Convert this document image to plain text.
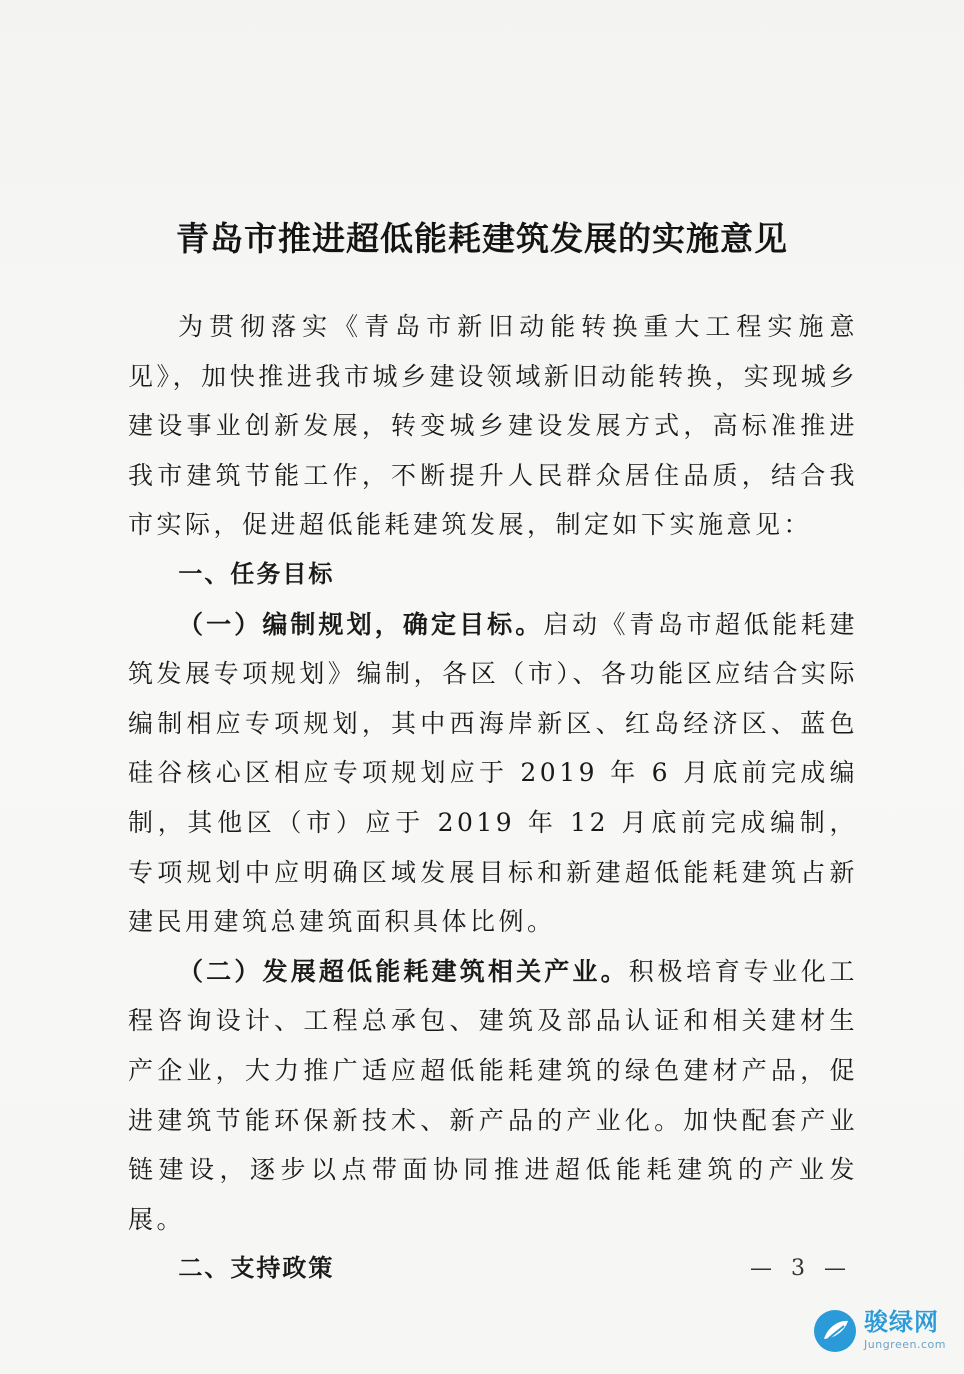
青岛市推进超低能耗建筑发展的实施意见

为贯彻落实《青岛市新旧动能转换重大工程实施意见》，加快推进我市城乡建设领域新旧动能转换，实现城乡建设事业创新发展，转变城乡建设发展方式，高标准推进我市建筑节能工作，不断提升人民群众居住品质，结合我市实际，促进超低能耗建筑发展，制定如下实施意见：

一、任务目标

（一）编制规划，确定目标。启动《青岛市超低能耗建筑发展专项规划》编制，各区（市）、各功能区应结合实际编制相应专项规划，其中西海岸新区、红岛经济区、蓝色硅谷核心区相应专项规划应于 2019 年 6 月底前完成编制，其他区（市）应于 2019 年 12 月底前完成编制，专项规划中应明确区域发展目标和新建超低能耗建筑占新建民用建筑总建筑面积具体比例。

（二）发展超低能耗建筑相关产业。积极培育专业化工程咨询设计、工程总承包、建筑及部品认证和相关建材生产企业，大力推广适应超低能耗建筑的绿色建材产品，促进建筑节能环保新技术、新产品的产业化。加快配套产业链建设，逐步以点带面协同推进超低能耗建筑的产业发展。

二、支持政策	— 3 —
骏绿网
Jungreen.com
